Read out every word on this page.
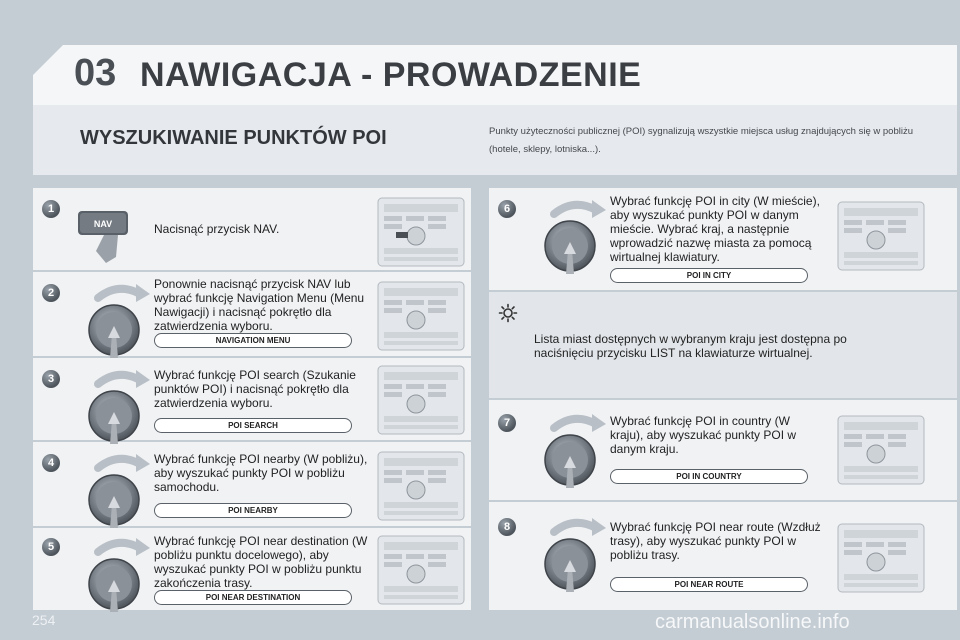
03 NAWIGACJA - PROWADZENIE
WYSZUKIWANIE PUNKTÓW POI	Punkty użyteczności publicznej (POI) sygnalizują wszystkie miejsca usług znajdujących się w pobliżu (hotele, sklepy, lotniska...).
1
2
3
4
5
6
7
8
NAV	Nacisnąć przycisk NAV.
Ponownie nacisnąć przycisk NAV lub wybrać funkcję Navigation Menu (Menu Nawigacji) i nacisnąć pokrętło dla zatwierdzenia wyboru.
Wybrać funkcję POI search (Szukanie punktów POI) i nacisnąć pokrętło dla zatwierdzenia wyboru.
Wybrać funkcję POI nearby (W pobliżu), aby wyszukać punkty POI w pobliżu samochodu.
Wybrać funkcję POI near destination (W pobliżu punktu docelowego), aby wyszukać punkty POI w pobliżu punktu zakończenia trasy.
Wybrać funkcję POI in city (W mieście), aby wyszukać punkty POI w danym mieście. Wybrać kraj, a następnie wprowadzić nazwę miasta za pomocą wirtualnej klawiatury.
Wybrać funkcję POI in country (W kraju), aby wyszukać punkty POI w danym kraju.
Wybrać funkcję POI near route (Wzdłuż trasy), aby wyszukać punkty POI w pobliżu trasy.
NAVIGATION MENU
POI SEARCH
POI NEARBY
POI NEAR DESTINATION
POI IN CITY
POI IN COUNTRY
POI NEAR ROUTE
Lista miast dostępnych w wybranym kraju jest dostępna po naciśnięciu przycisku LIST na klawiaturze wirtualnej.
254	carmanualsonline.info
